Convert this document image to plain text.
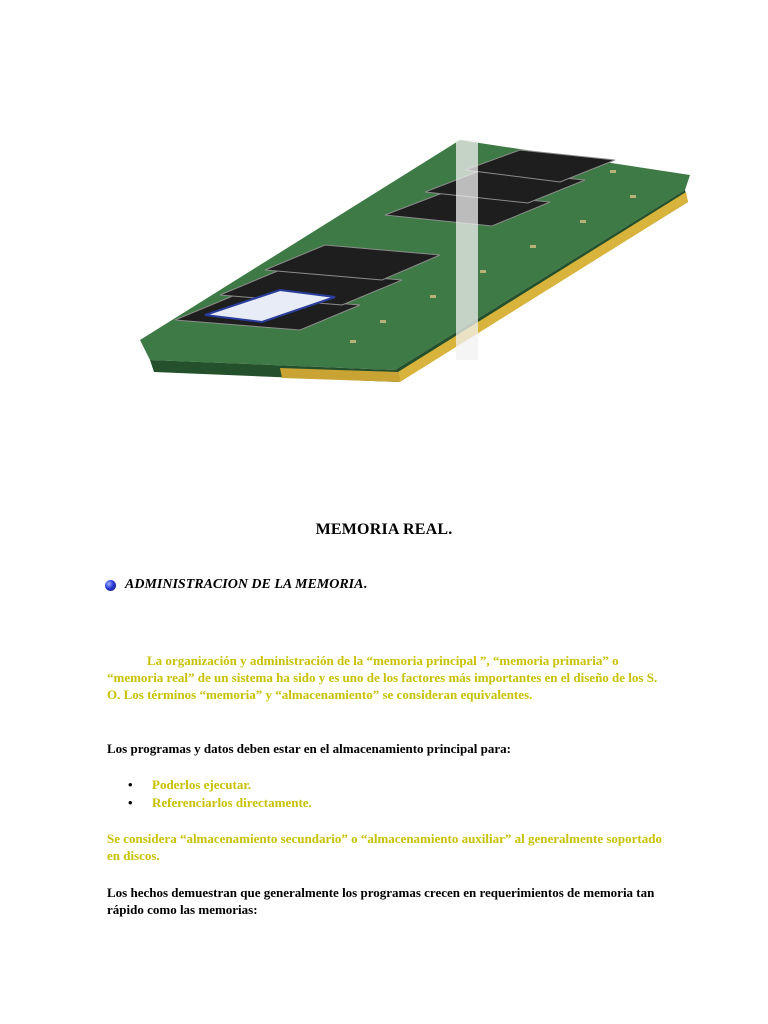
MEMORIA REAL.
ADMINISTRACION DE LA MEMORIA .
La organización y administración de la “memoria principal ”, “memoria primaria” o “memoria real” de un sistema ha sido y es uno de los factores más importantes en el diseño de los S. O. Los términos “memoria” y “almacenamiento” se consideran equivalentes.
Los programas y datos deben estar en el almacenamiento principal para:
• Poderlos ejecutar.
• Referenciarlos directamente.
Se considera “almacenamiento secundario” o “almacenamiento auxiliar” al generalmente soportado en discos.
Los hechos demuestran que generalmente los programas crecen en requerimientos de memoria tan rápido como las memorias:
